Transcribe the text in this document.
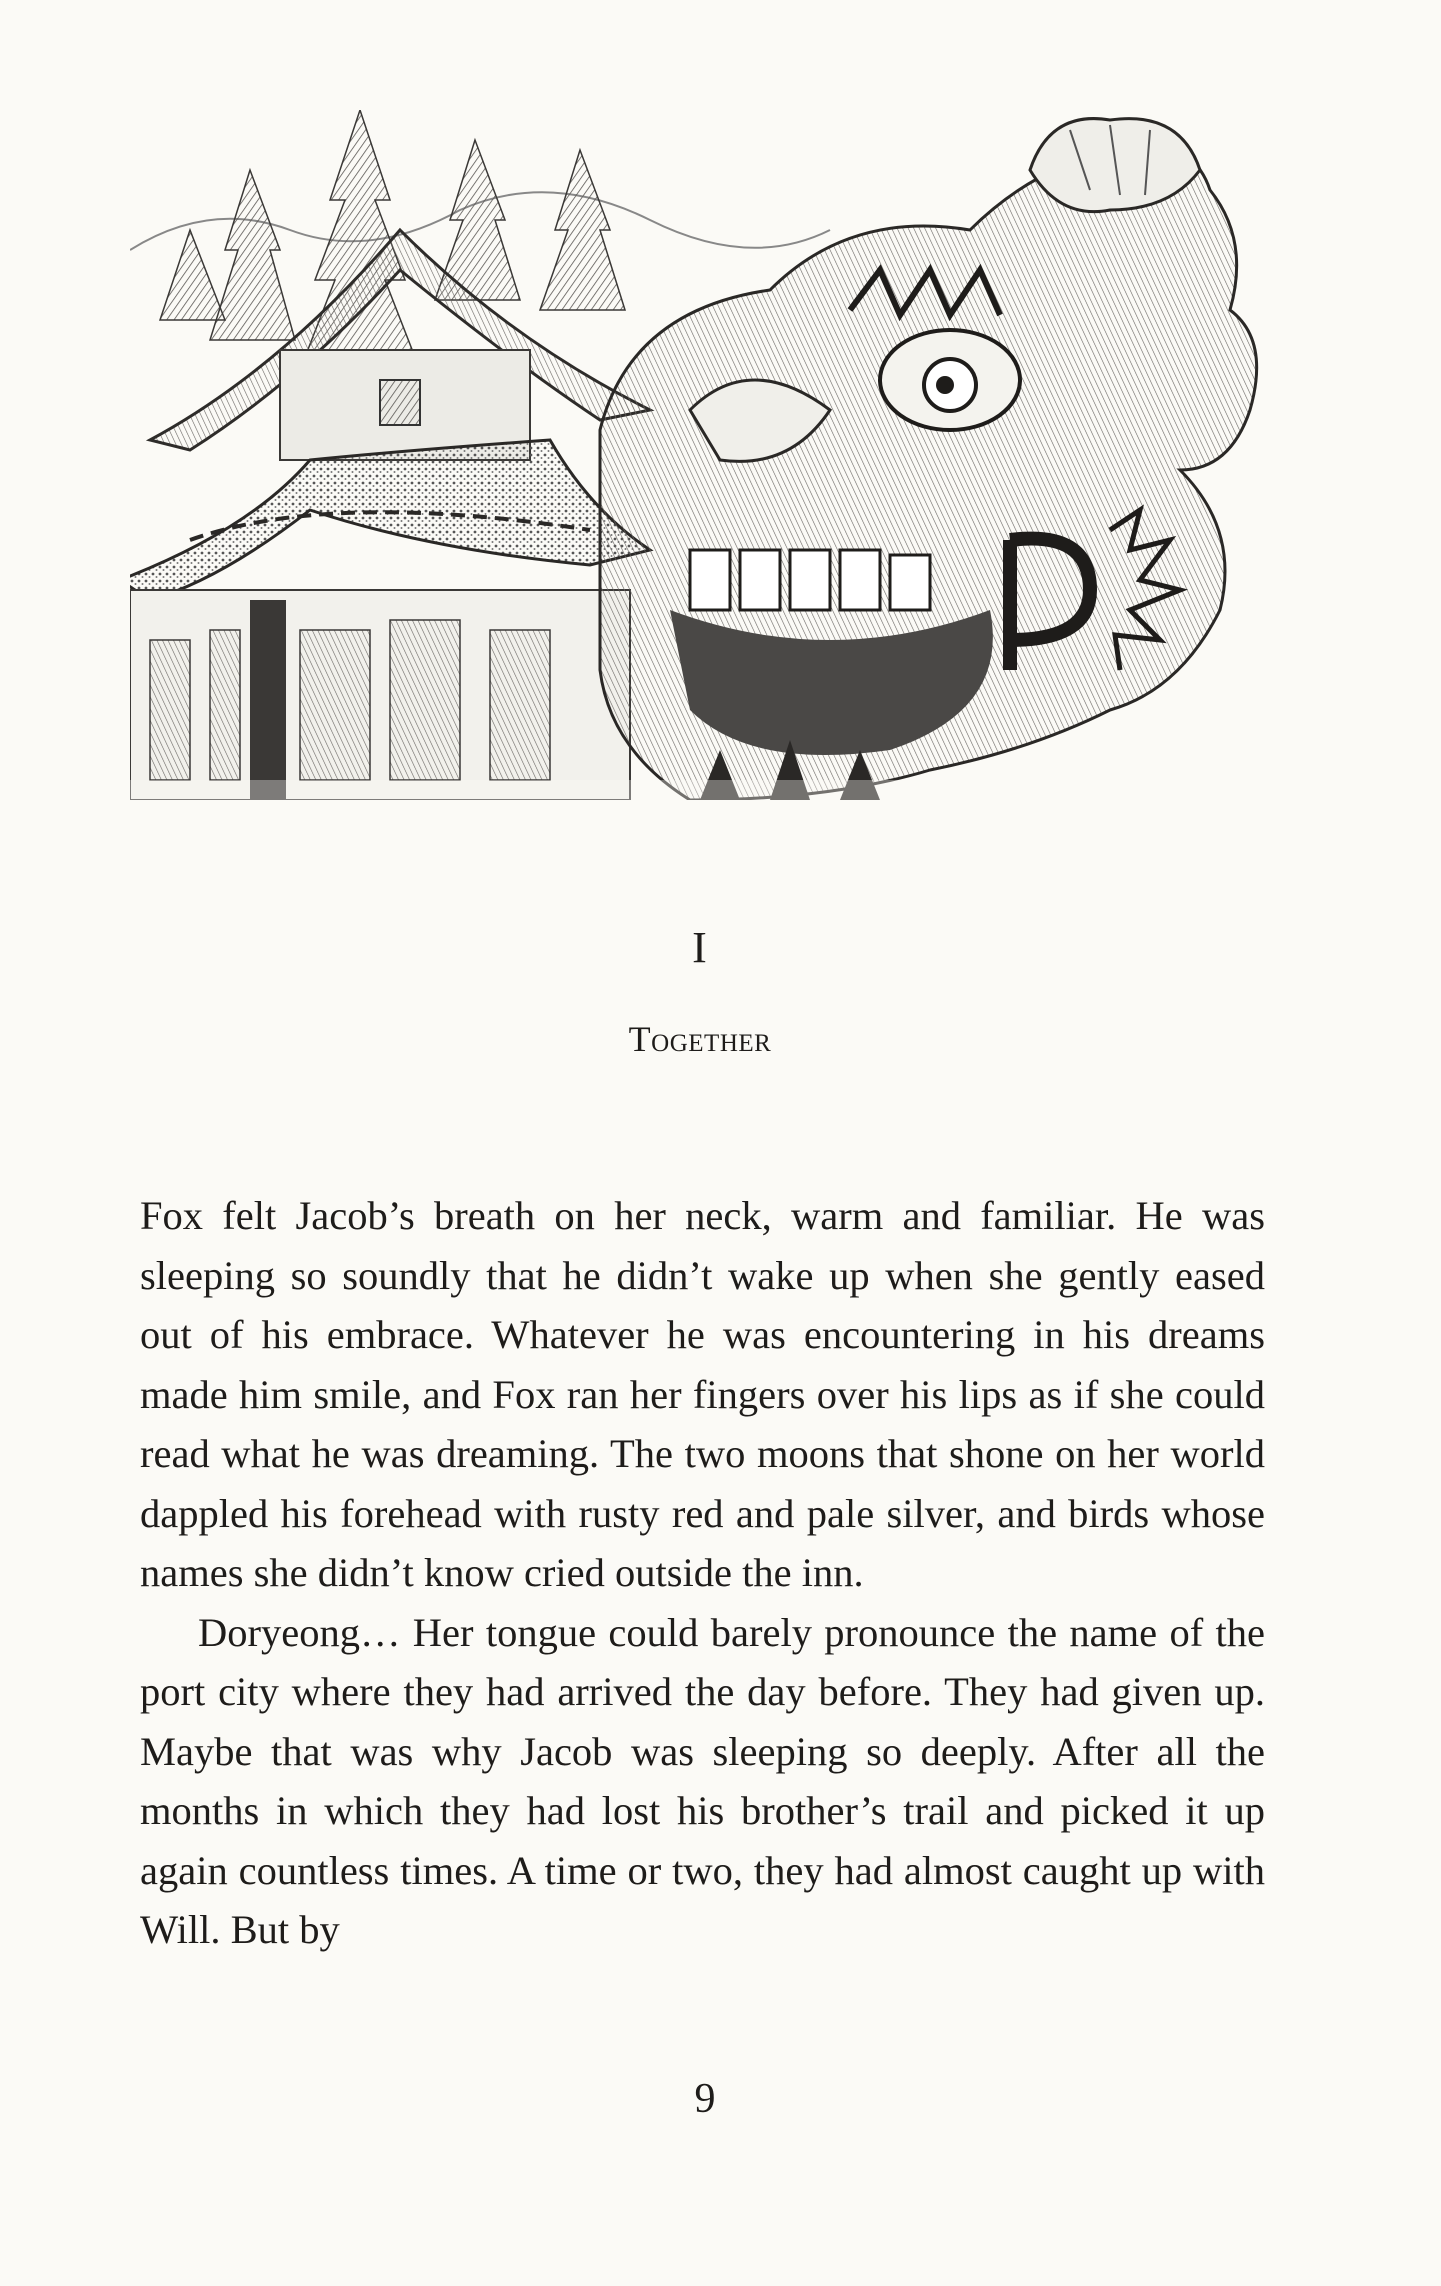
I
Together

Fox felt Jacob’s breath on her neck, warm and familiar. He was sleeping so soundly that he didn’t wake up when she gently eased out of his embrace. Whatever he was encountering in his dreams made him smile, and Fox ran her fingers over his lips as if she could read what he was dreaming. The two moons that shone on her world dappled his forehead with rusty red and pale silver, and birds whose names she didn’t know cried outside the inn.

Doryeong… Her tongue could barely pronounce the name of the port city where they had arrived the day before. They had given up. Maybe that was why Jacob was sleeping so deeply. After all the months in which they had lost his brother’s trail and picked it up again countless times. A time or two, they had almost caught up with Will. But by

9
